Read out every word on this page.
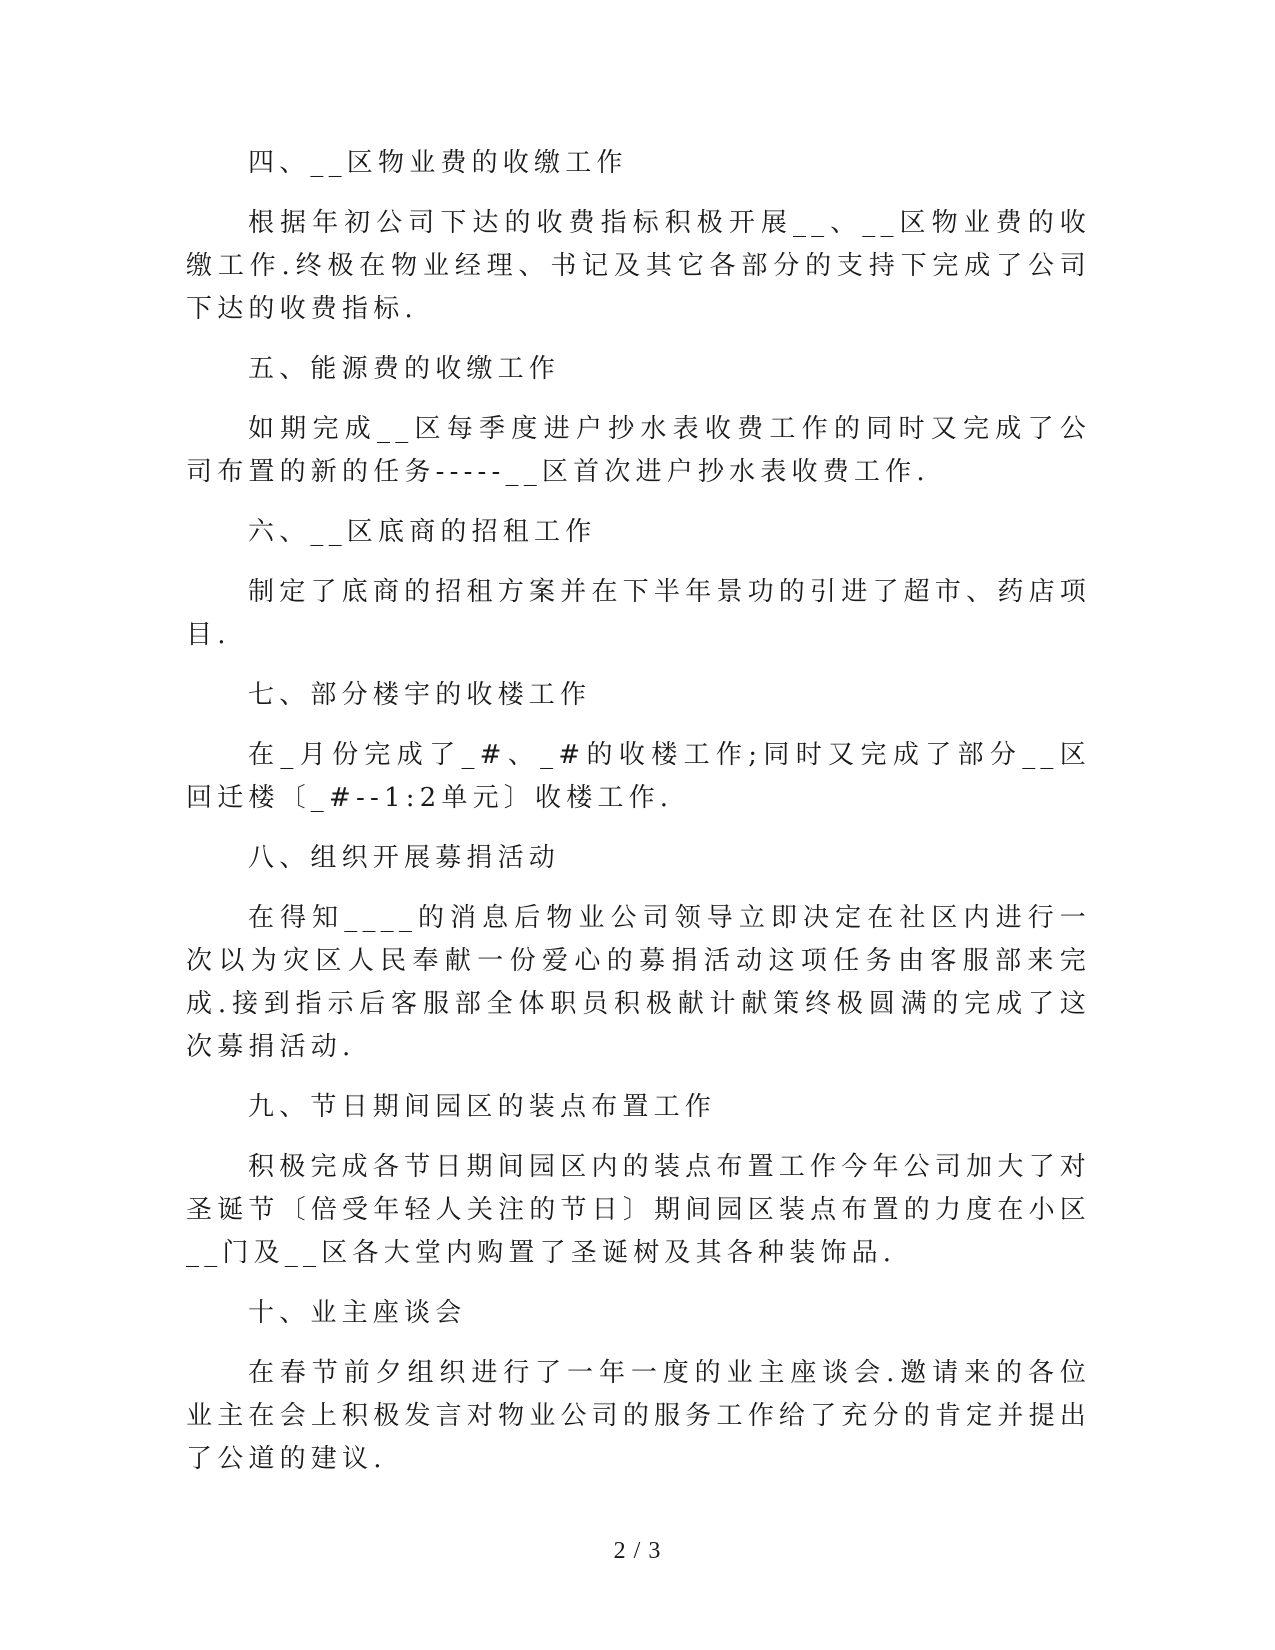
四、__区物业费的收缴工作

根据年初公司下达的收费指标积极开展__、__区物业费的收缴工作.终极在物业经理、书记及其它各部分的支持下完成了公司下达的收费指标.

五、能源费的收缴工作

如期完成__区每季度进户抄水表收费工作的同时又完成了公司布置的新的任务-----__区首次进户抄水表收费工作.

六、__区底商的招租工作

制定了底商的招租方案并在下半年景功的引进了超市、药店项目.

七、部分楼宇的收楼工作

在_月份完成了_#、_#的收楼工作;同时又完成了部分__区回迁楼〔_#--1:2单元〕收楼工作.

八、组织开展募捐活动

在得知____的消息后物业公司领导立即决定在社区内进行一次以为灾区人民奉献一份爱心的募捐活动这项任务由客服部来完成.接到指示后客服部全体职员积极献计献策终极圆满的完成了这次募捐活动.

九、节日期间园区的装点布置工作

积极完成各节日期间园区内的装点布置工作今年公司加大了对圣诞节〔倍受年轻人关注的节日〕期间园区装点布置的力度在小区__门及__区各大堂内购置了圣诞树及其各种装饰品.

十、业主座谈会

在春节前夕组织进行了一年一度的业主座谈会.邀请来的各位业主在会上积极发言对物业公司的服务工作给了充分的肯定并提出了公道的建议.

2 / 3
